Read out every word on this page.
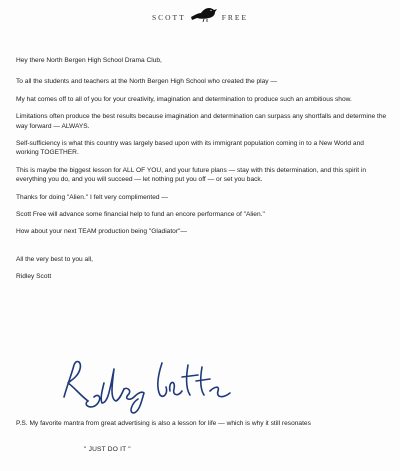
SCOTT	FREE

Hey there North Bergen High School Drama Club,

To all the students and teachers at the North Bergen High School who created the play —

My hat comes off to all of you for your creativity, imagination and determination to produce such an ambitious show.

Limitations often produce the best results because imagination and determination can surpass any shortfalls and determine the way forward — ALWAYS.

Self-sufficiency is what this country was largely based upon with its immigrant population coming in to a New World and working TOGETHER.

This is maybe the biggest lesson for ALL OF YOU, and your future plans — stay with this determination, and this spirit in everything you do, and you will succeed — let nothing put you off — or set you back.

Thanks for doing "Alien." I felt very complimented —

Scott Free will advance some financial help to fund an encore performance of "Alien."

How about your next TEAM production being "Gladiator"—

All the very best to you all,

Ridley Scott

P.S. My favorite mantra from great advertising is also a lesson for life — which is why it still resonates
" JUST DO IT "
